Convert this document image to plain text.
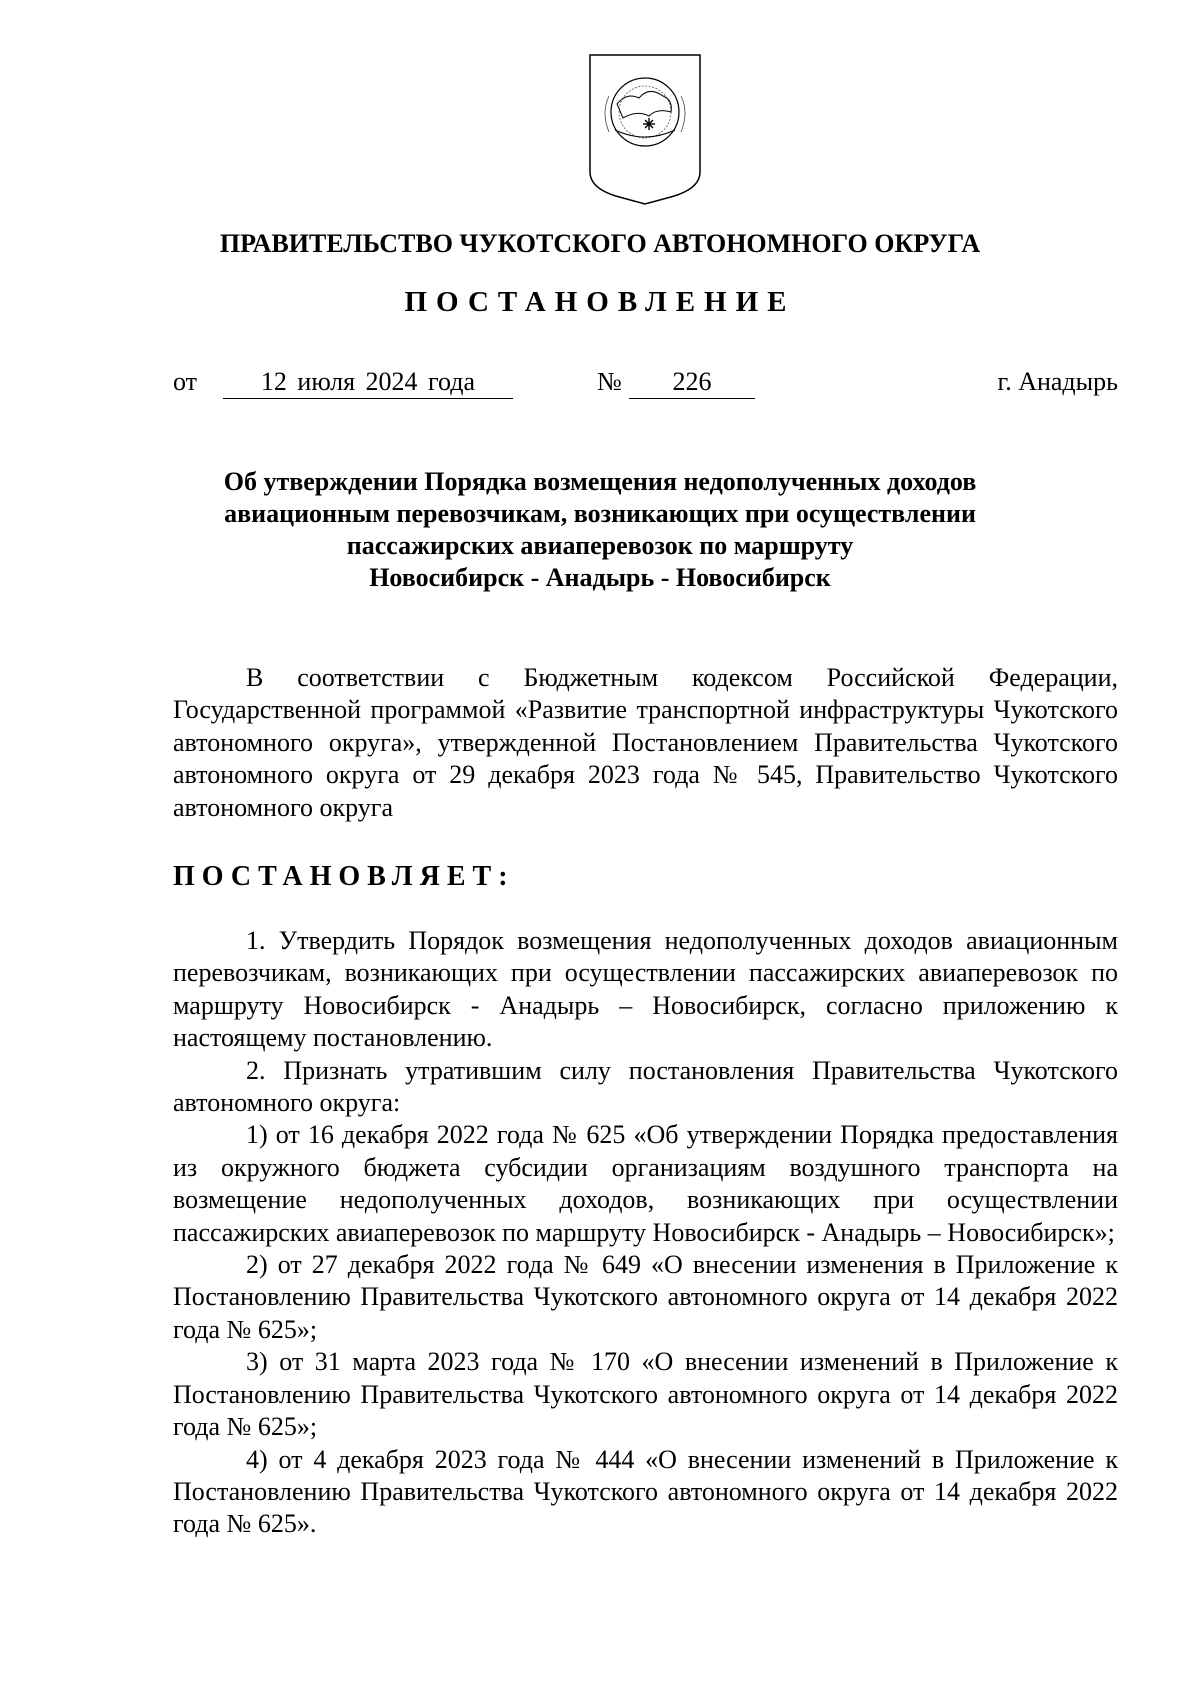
ПРАВИТЕЛЬСТВО ЧУКОТСКОГО АВТОНОМНОГО ОКРУГА
ПОСТАНОВЛЕНИЕ
от	12 июля 2024 года	№	226	г. Анадырь
Об утверждении Порядка возмещения недополученных доходов
авиационным перевозчикам, возникающих при осуществлении
пассажирских авиаперевозок по маршруту
Новосибирск - Анадырь - Новосибирск

В соответствии с Бюджетным кодексом Российской Федерации, Государственной программой «Развитие транспортной инфраструктуры Чукотского автономного округа», утвержденной Постановлением Правительства Чукотского автономного округа от 29 декабря 2023 года № 545, Правительство Чукотского автономного округа

ПОСТАНОВЛЯЕТ:

1. Утвердить Порядок возмещения недополученных доходов авиационным перевозчикам, возникающих при осуществлении пассажирских авиаперевозок по маршруту Новосибирск - Анадырь – Новосибирск, согласно приложению к настоящему постановлению.

2. Признать утратившим силу постановления Правительства Чукотского автономного округа:

1) от 16 декабря 2022 года № 625 «Об утверждении Порядка предоставления из окружного бюджета субсидии организациям воздушного транспорта на возмещение недополученных доходов, возникающих при осуществлении пассажирских авиаперевозок по маршруту Новосибирск - Анадырь – Новосибирск»;

2) от 27 декабря 2022 года № 649 «О внесении изменения в Приложение к Постановлению Правительства Чукотского автономного округа от 14 декабря 2022 года № 625»;

3) от 31 марта 2023 года № 170 «О внесении изменений в Приложение к Постановлению Правительства Чукотского автономного округа от 14 декабря 2022 года № 625»;

4) от 4 декабря 2023 года № 444 «О внесении изменений в Приложение к Постановлению Правительства Чукотского автономного округа от 14 декабря 2022 года № 625».
